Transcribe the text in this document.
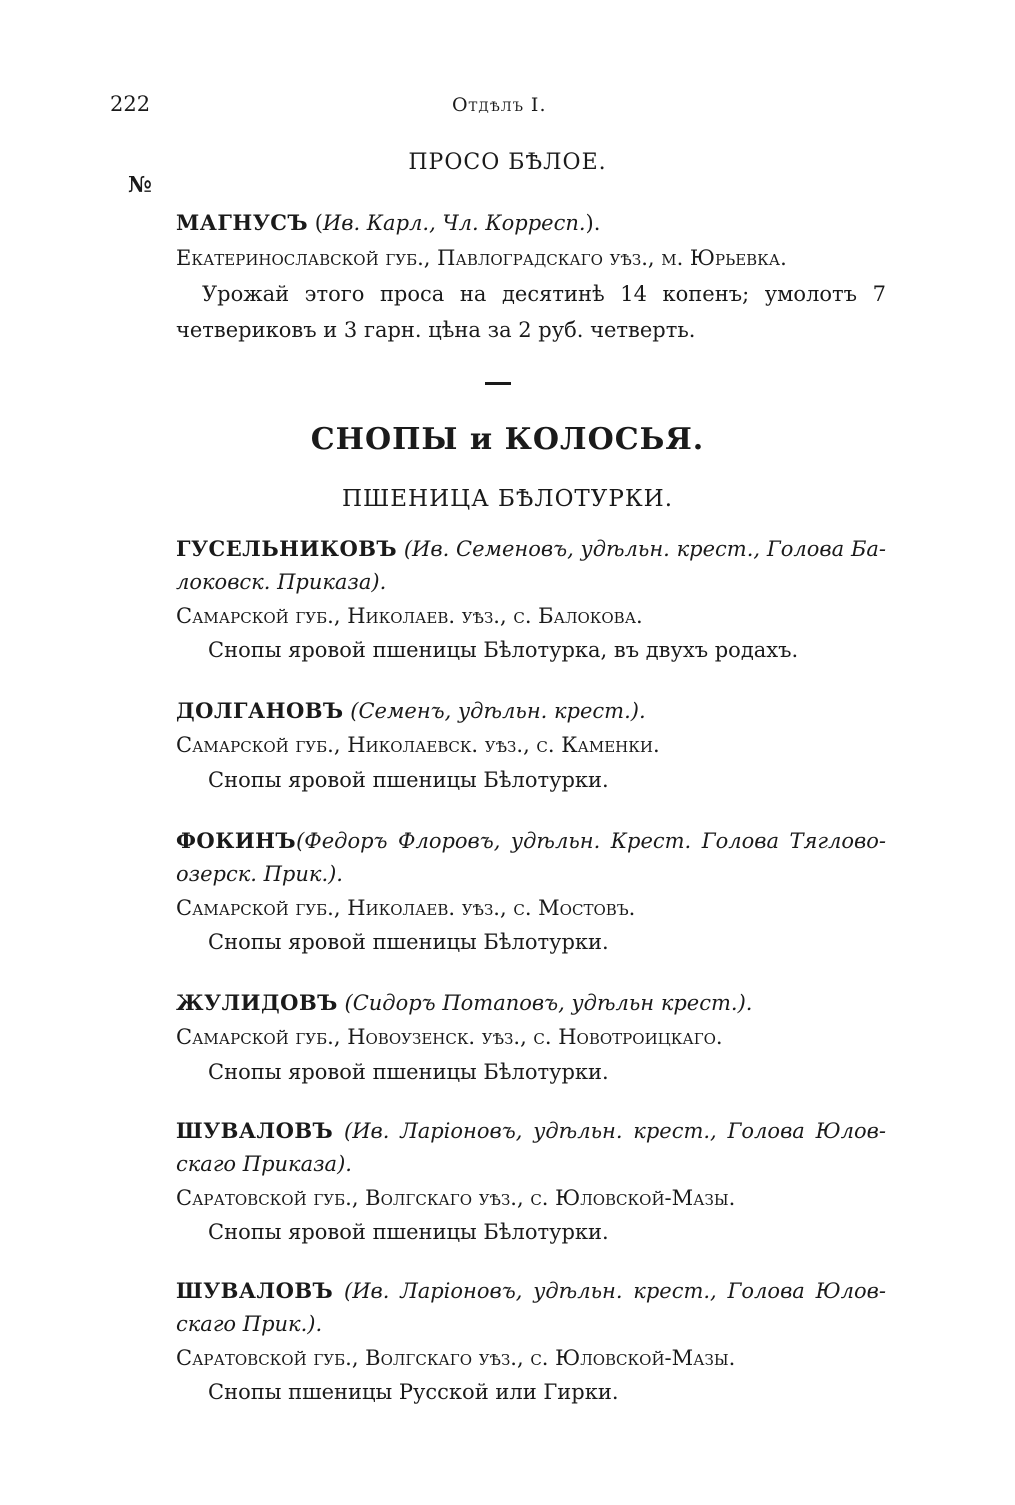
222	Отдѣлъ I.
ПРОСО БѢЛОЕ.
№
МАГНУСЪ (Ив. Карл., Чл. Корресп.).
Екатеринославской губ., Павлоградскаго уѣз., м. Юрьевка.
Урожай этого проса на десятинѣ 14 копенъ; умолотъ 7
четвериковъ и 3 гарн. цѣна за 2 руб. четверть.
СНОПЫ и КОЛОСЬЯ.
ПШЕНИЦА БѢЛОТУРКИ.
ГУСЕЛЬНИКОВЪ (Ив. Семеновъ, удѣльн. крест., Голова Ба-
локовск. Приказа).
Самарской губ., Николаев. уѣз., с. Балокова.
Снопы яровой пшеницы Бѣлотурка, въ двухъ родахъ.
ДОЛГАНОВЪ (Семенъ, удѣльн. крест.).
Самарской губ., Николаевск. уѣз., с. Каменки.
Снопы яровой пшеницы Бѣлотурки.
ФОКИНЪ(Федоръ Флоровъ, удѣльн. Крест. Голова Тяглово-
озерск. Прик.).
Самарской губ., Николаев. уѣз., с. Мостовъ.
Снопы яровой пшеницы Бѣлотурки.
ЖУЛИДОВЪ (Сидоръ Потаповъ, удѣльн крест.).
Самарской губ., Новоузенск. уѣз., с. Новотроицкаго.
Снопы яровой пшеницы Бѣлотурки.
ШУВАЛОВЪ (Ив. Ларіоновъ, удѣльн. крест., Голова Юлов-
скаго Приказа).
Саратовской губ., Волгскаго уѣз., с. Юловской-Мазы.
Снопы яровой пшеницы Бѣлотурки.
ШУВАЛОВЪ (Ив. Ларіоновъ, удѣльн. крест., Голова Юлов-
скаго Прик.).
Саратовской губ., Волгскаго уѣз., с. Юловской-Мазы.
Снопы пшеницы Русской или Гирки.
